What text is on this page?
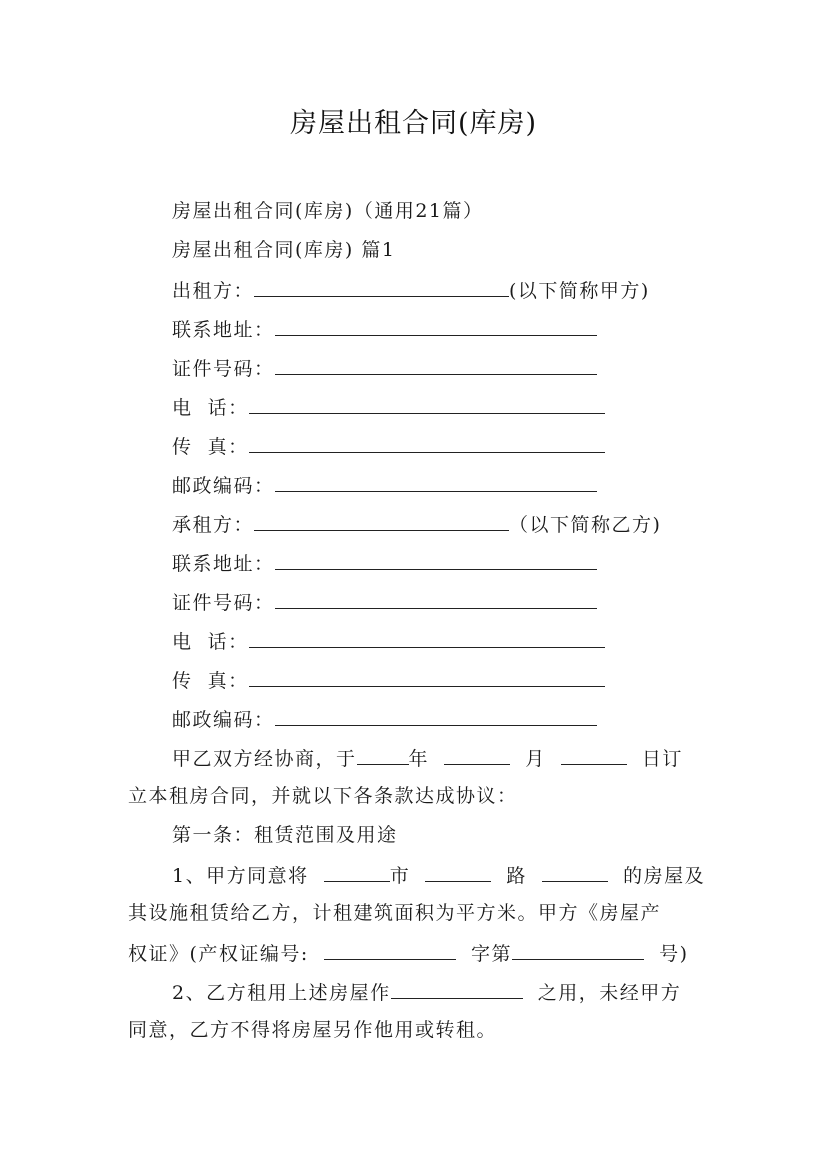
房屋出租合同(库房)
房屋出租合同(库房)（通用21篇）
房屋出租合同(库房) 篇1
出租方：	(以下简称甲方)
联系地址：
证件号码：
电  话：
传  真：
邮政编码：
承租方：	（以下简称乙方)
联系地址：
证件号码：
电  话：
传  真：
邮政编码：
甲乙双方经协商，于	年	月	日订
立本租房合同，并就以下各条款达成协议：
第一条：租赁范围及用途
1、甲方同意将	市	路	的房屋及
其设施租赁给乙方，计租建筑面积为平方米。甲方《房屋产
权证》(产权证编号:	字第	号)
2、乙方租用上述房屋作	之用，未经甲方
同意，乙方不得将房屋另作他用或转租。
